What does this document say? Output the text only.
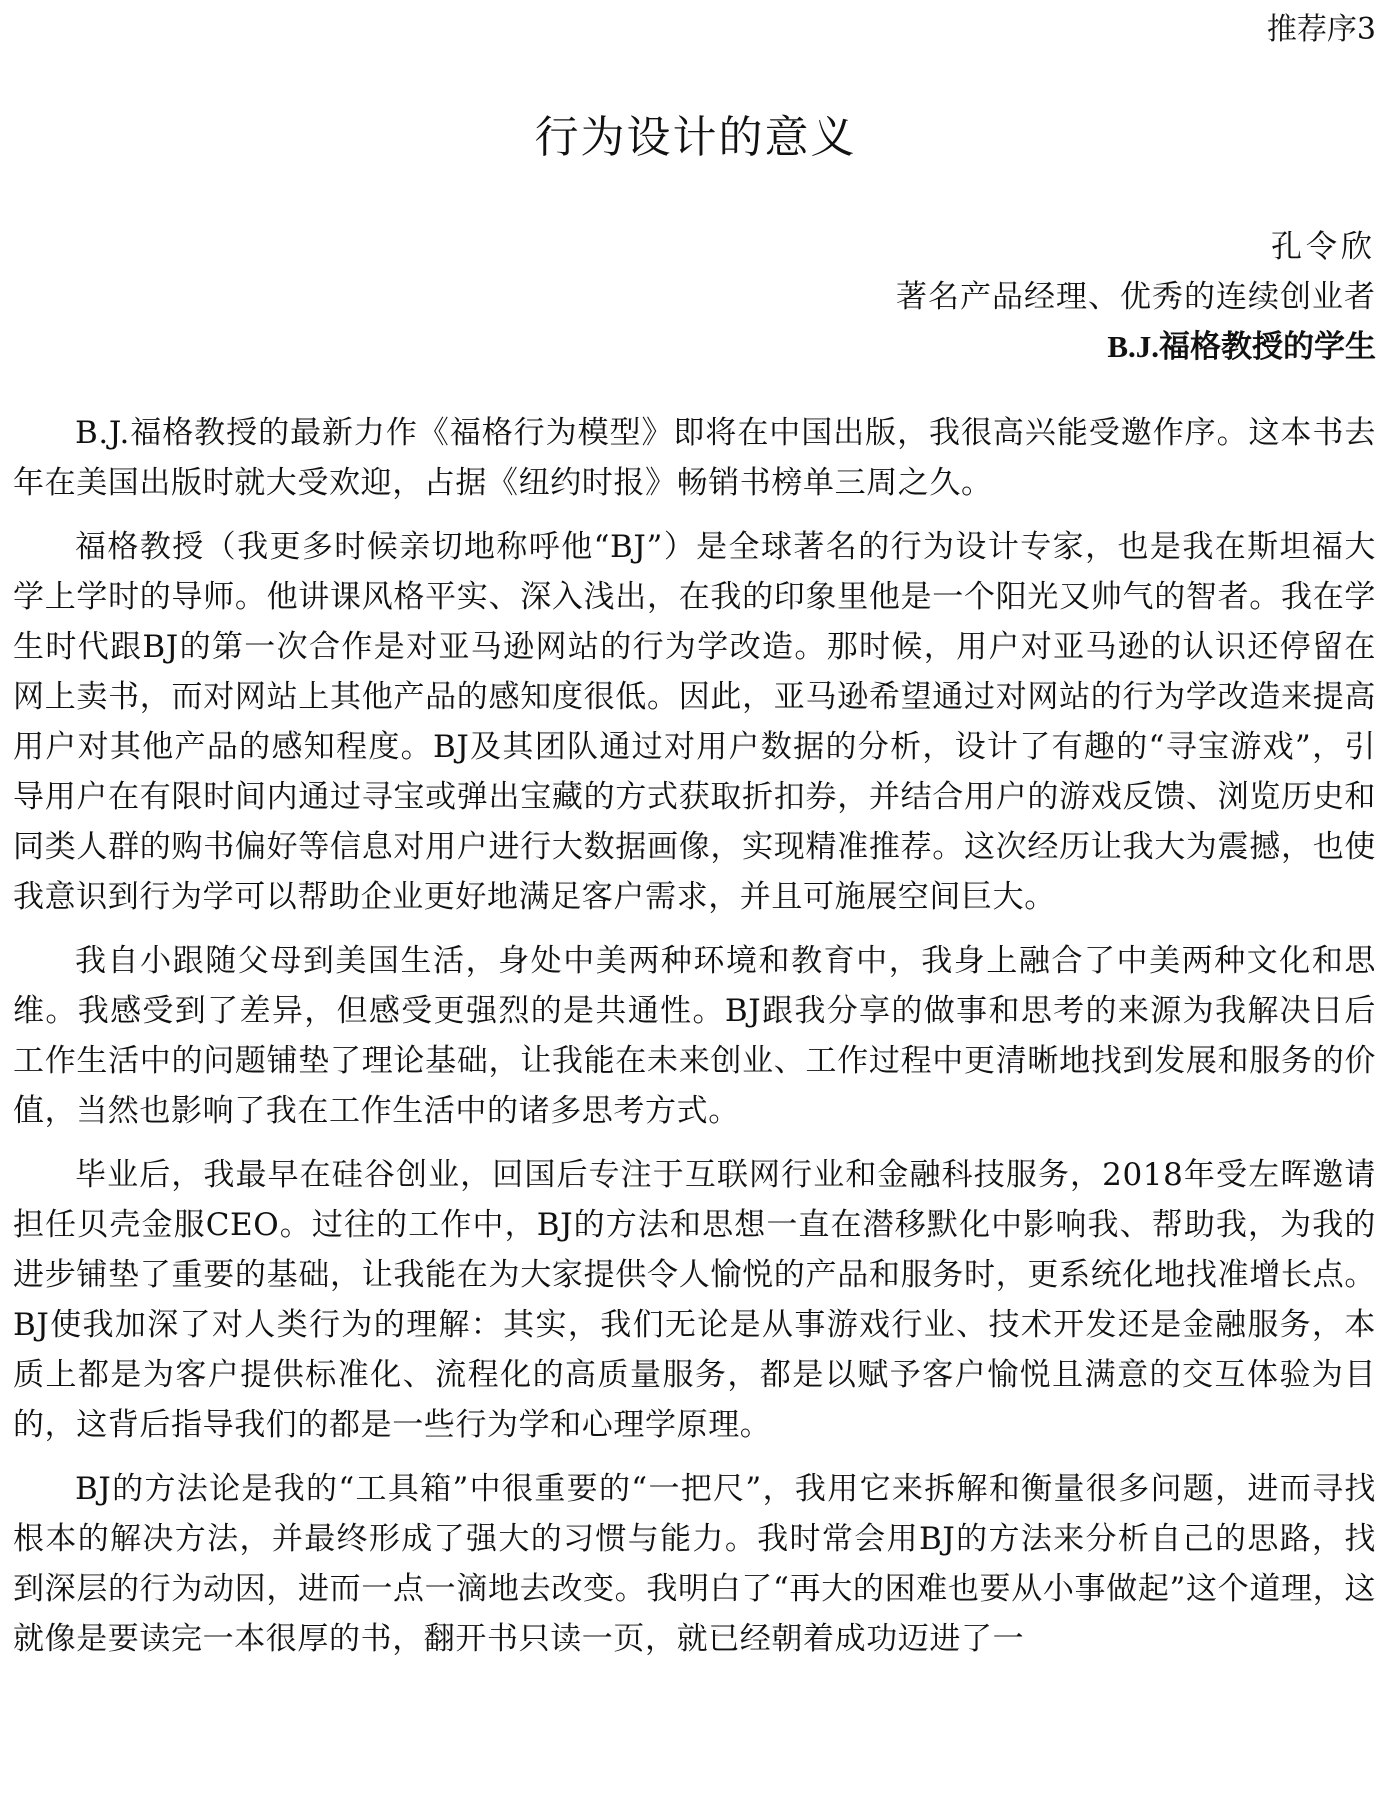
推荐序3
行为设计的意义
孔令欣
著名产品经理、优秀的连续创业者
B.J.福格教授的学生

B.J.福格教授的最新力作《福格行为模型》即将在中国出版，我很高兴能受邀作序。这本书去年在美国出版时就大受欢迎，占据《纽约时报》畅销书榜单三周之久。

福格教授（我更多时候亲切地称呼他“BJ”）是全球著名的行为设计专家，也是我在斯坦福大学上学时的导师。他讲课风格平实、深入浅出，在我的印象里他是一个阳光又帅气的智者。我在学生时代跟BJ的第一次合作是对亚马逊网站的行为学改造。那时候，用户对亚马逊的认识还停留在网上卖书，而对网站上其他产品的感知度很低。因此，亚马逊希望通过对网站的行为学改造来提高用户对其他产品的感知程度。BJ及其团队通过对用户数据的分析，设计了有趣的“寻宝游戏”，引导用户在有限时间内通过寻宝或弹出宝藏的方式获取折扣券，并结合用户的游戏反馈、浏览历史和同类人群的购书偏好等信息对用户进行大数据画像，实现精准推荐。这次经历让我大为震撼，也使我意识到行为学可以帮助企业更好地满足客户需求，并且可施展空间巨大。

我自小跟随父母到美国生活，身处中美两种环境和教育中，我身上融合了中美两种文化和思维。我感受到了差异，但感受更强烈的是共通性。BJ跟我分享的做事和思考的来源为我解决日后工作生活中的问题铺垫了理论基础，让我能在未来创业、工作过程中更清晰地找到发展和服务的价值，当然也影响了我在工作生活中的诸多思考方式。

毕业后，我最早在硅谷创业，回国后专注于互联网行业和金融科技服务，2018年受左晖邀请担任贝壳金服CEO。过往的工作中，BJ的方法和思想一直在潜移默化中影响我、帮助我，为我的进步铺垫了重要的基础，让我能在为大家提供令人愉悦的产品和服务时，更系统化地找准增长点。BJ使我加深了对人类行为的理解：其实，我们无论是从事游戏行业、技术开发还是金融服务，本质上都是为客户提供标准化、流程化的高质量服务，都是以赋予客户愉悦且满意的交互体验为目的，这背后指导我们的都是一些行为学和心理学原理。

BJ的方法论是我的“工具箱”中很重要的“一把尺”，我用它来拆解和衡量很多问题，进而寻找根本的解决方法，并最终形成了强大的习惯与能力。我时常会用BJ的方法来分析自己的思路，找到深层的行为动因，进而一点一滴地去改变。我明白了“再大的困难也要从小事做起”这个道理，这就像是要读完一本很厚的书，翻开书只读一页，就已经朝着成功迈进了一
